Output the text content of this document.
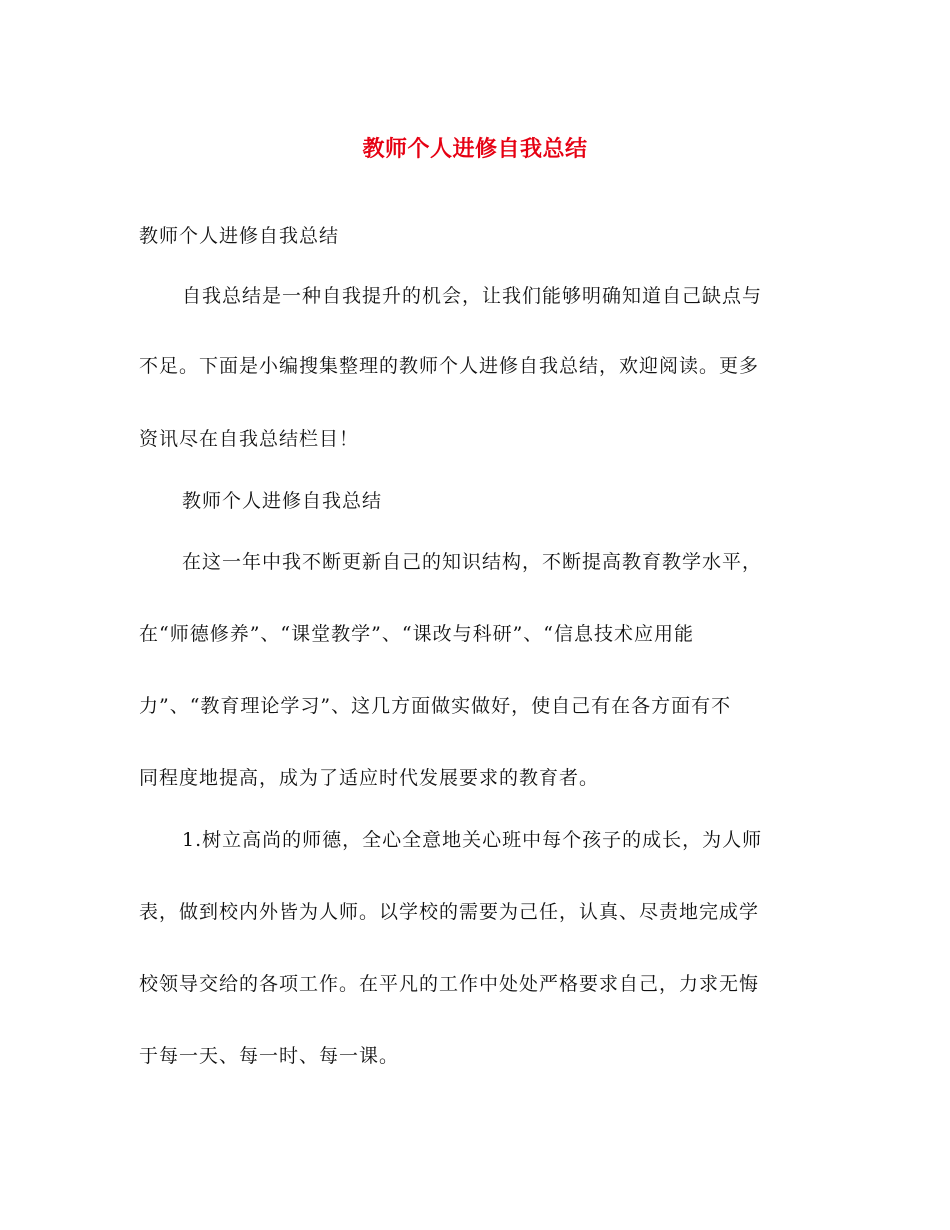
教师个人进修自我总结
教师个人进修自我总结
自我总结是一种自我提升的机会，让我们能够明确知道自己缺点与
不足。下面是小编搜集整理的教师个人进修自我总结，欢迎阅读。更多
资讯尽在自我总结栏目！
教师个人进修自我总结
在这一年中我不断更新自己的知识结构，不断提高教育教学水平，
在“师德修养”、“课堂教学”、“课改与科研”、“信息技术应用能
力”、“教育理论学习”、这几方面做实做好，使自己有在各方面有不
同程度地提高，成为了适应时代发展要求的教育者。
1.树立高尚的师德，全心全意地关心班中每个孩子的成长，为人师
表，做到校内外皆为人师。以学校的需要为己任，认真、尽责地完成学
校领导交给的各项工作。在平凡的工作中处处严格要求自己，力求无悔
于每一天、每一时、每一课。
